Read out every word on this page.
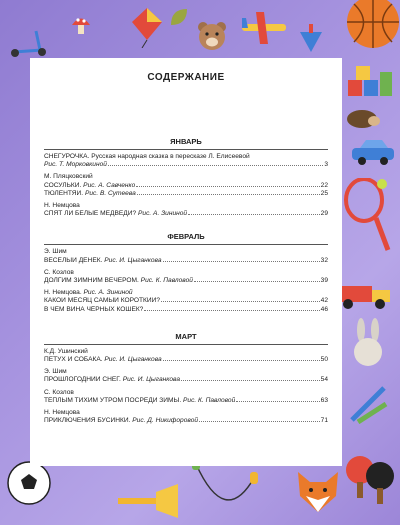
СОДЕРЖАНИЕ
ЯНВАРЬ
СНЕГУРОЧКА. Русская народная сказка в пересказе Л. Елисеевой
Рис. Т. Морковкиной	3
М. Пляцковский
СОСУЛЬКИ. Рис. А. Савченко	22
ТЮЛЕНТЯЙ. Рис. В. Сутеева	25
Н. Немцова
СПЯТ ЛИ БЕЛЫЕ МЕДВЕДИ? Рис. А. Зининой	29
ФЕВРАЛЬ
Э. Шим
ВЕСЕЛЫЙ ДЕНЁК. Рис. И. Цыганкова	32
С. Козлов
ДОЛГИМ ЗИМНИМ ВЕЧЕРОМ. Рис. К. Павловой	39
Н. Немцова. Рис. А. Зининой
КАКОЙ МЕСЯЦ САМЫЙ КОРОТКИЙ?	42
В ЧЕМ ВИНА ЧЁРНЫХ КОШЕК?	46
МАРТ
К.Д. Ушинский
ПЕТУХ И СОБАКА. Рис. И. Цыганкова	50
Э. Шим
ПРОШЛОГОДНИЙ СНЕГ. Рис. И. Цыганкова	54
С. Козлов
ТЁПЛЫМ ТИХИМ УТРОМ ПОСРЕДИ ЗИМЫ. Рис. К. Павловой	63
Н. Немцова
ПРИКЛЮЧЕНИЯ БУСИНКИ. Рис. Д. Никифоровой	71
